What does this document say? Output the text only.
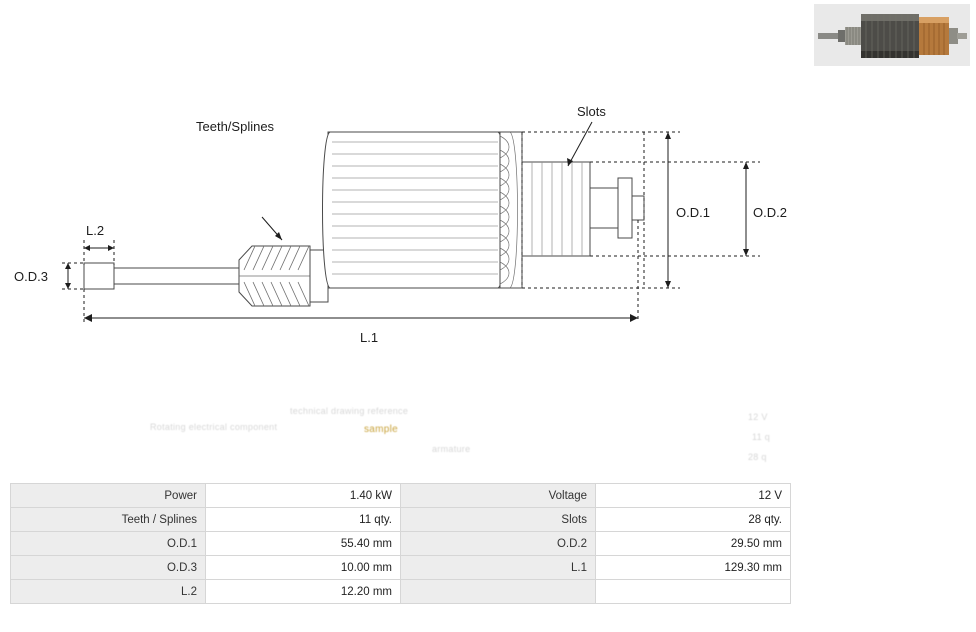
O.D.3
L.2
Teeth/Splines
Slots
O.D.1	O.D.2
L.1
Rotating electrical component
technical drawing reference
sample
armature
12 V
11 q
28 q
Power	1.40 kW	Voltage	12 V
Teeth / Splines	11 qty.	Slots	28 qty.
O.D.1	55.40 mm	O.D.2	29.50 mm
O.D.3	10.00 mm	L.1	129.30 mm
L.2	12.20 mm		
